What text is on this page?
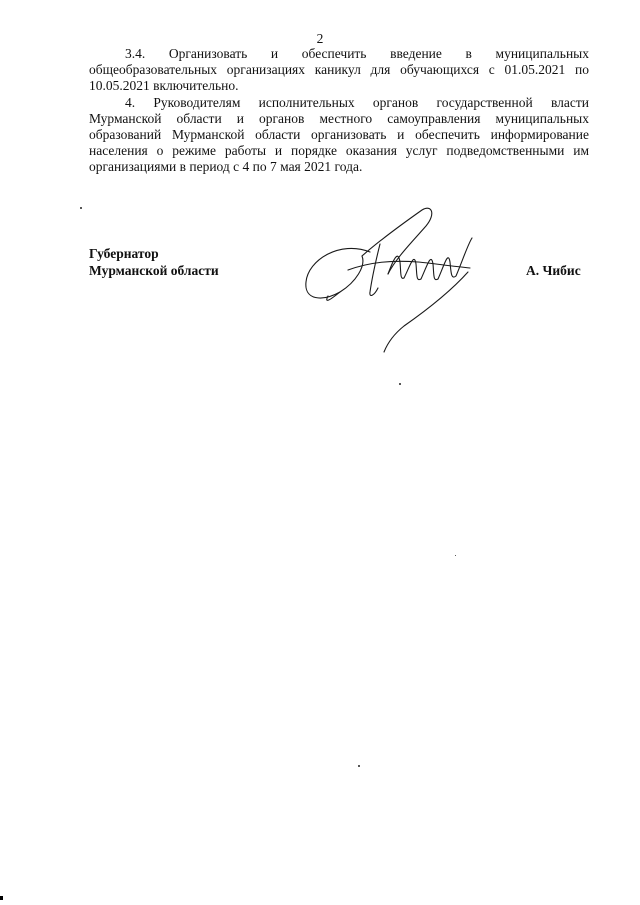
2

3.4. Организовать и обеспечить введение в муниципальных общеобразовательных организациях каникул для обучающихся с 01.05.2021 по 10.05.2021 включительно.

4. Руководителям исполнительных органов государственной власти Мурманской области и органов местного самоуправления муниципальных образований Мурманской области организовать и обеспечить информирование населения о режиме работы и порядке оказания услуг подведомственными им организациями в период с 4 по 7 мая 2021 года.

Губернатор
Мурманской области	А. Чибис
